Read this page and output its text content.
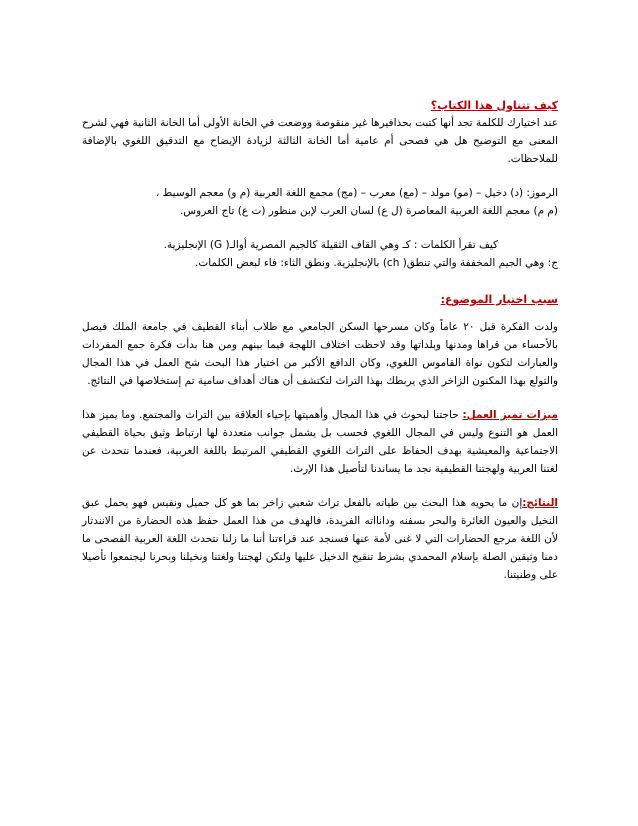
كيف تتناول هذا الكتاب؟

عند اختيارك للكلمة تجد أنها كتبت بحذافيرها غير منقوصة ووضعت في الخانة الأولى أما الخانة الثانية فهي لشرح المعنى مع التوضيح هل هي فصحى أم عامية أما الخانة الثالثة لزيادة الإيضاح مع التدقيق اللغوي بالإضافة للملاحظات.

الرموز: (د) دخيل – (مو) مولد – (مع) معرب – (مج) مجمع اللغة العربية (م و) معجم الوسيط ،

(م م) معجم اللغة العربية المعاصرة (ل ع) لسان العرب لإبن منظور (ت ع) تاج العروس.

كيف تقرأ الكلمات : كـ وهي القاف الثقيلة كالجيم المصرية أوالـ( G) الإنجليزية.

ج: وهي الجيم المخففة والتي تنطق( ch) بالإنجليزية. ونطق الثاء: فاء لبعض الكلمات.

سبب اختيار الموضوع:

ولدت الفكرة قبل ٢٠ عاماً وكان مسرحها السكن الجامعي مع طلاب أبناء القطيف في جامعة الملك فيصل بالأحساء من قراها ومدنها وبلداتها وقد لاحظت اختلاف اللهجة فيما بينهم ومن هنا بدأت فكرة جمع المفردات والعبارات لتكون نواة القاموس اللغوي، وكان الدافع الأكبر من اختيار هذا البحث شح العمل في هذا المجال والتولع بهذا المكنون الزاخر الذي يربطك بهذا التراث لتكتشف أن هناك أهداف سامية تم إستخلاصها في النتائج.

ميزات تميز العمل: حاجتنا لبحوث في هذا المجال وأهميتها بإحياء العلاقة بين التراث والمجتمع. وما يميز هذا العمل هو التنوع وليس في المجال اللغوي فحسب بل يشمل جوانب متعددة لها ارتباط وثيق بحياة القطيفي الاجتماعية والمعيشية بهدف الحفاظ على التراث اللغوي القطيفي المرتبط باللغة العربية، فعندما نتحدث عن لغتنا العربية ولهجتنا القطيفية نجد ما يساندنا لتأصيل هذا الإرث.

النتائج:إن ما يحويه هذا البحث بين طياته بالفعل تراث شعبي زاخر بما هو كل جميل ونفيس فهو يحمل عبق النخيل والعيون الغائرة والبحر بسفنه ودانااته الفريدة، فالهدف من هذا العمل حفظ هذه الحضارة من الانندثار لأن اللغة مرجع الحضارات التي لا غنى لأمة عنها فسنجد عند قراءتنا أننا ما زلنا نتحدث اللغة العربية الفصحى ما دمنا وثيقين الصلة بإسلام المحمدي بشرط تنقيح الدخيل عليها ولتكن لهجتنا ولغتنا ونخيلنا وبحرنا ليجتمعوا تأصيلا على وطنيتنا.
